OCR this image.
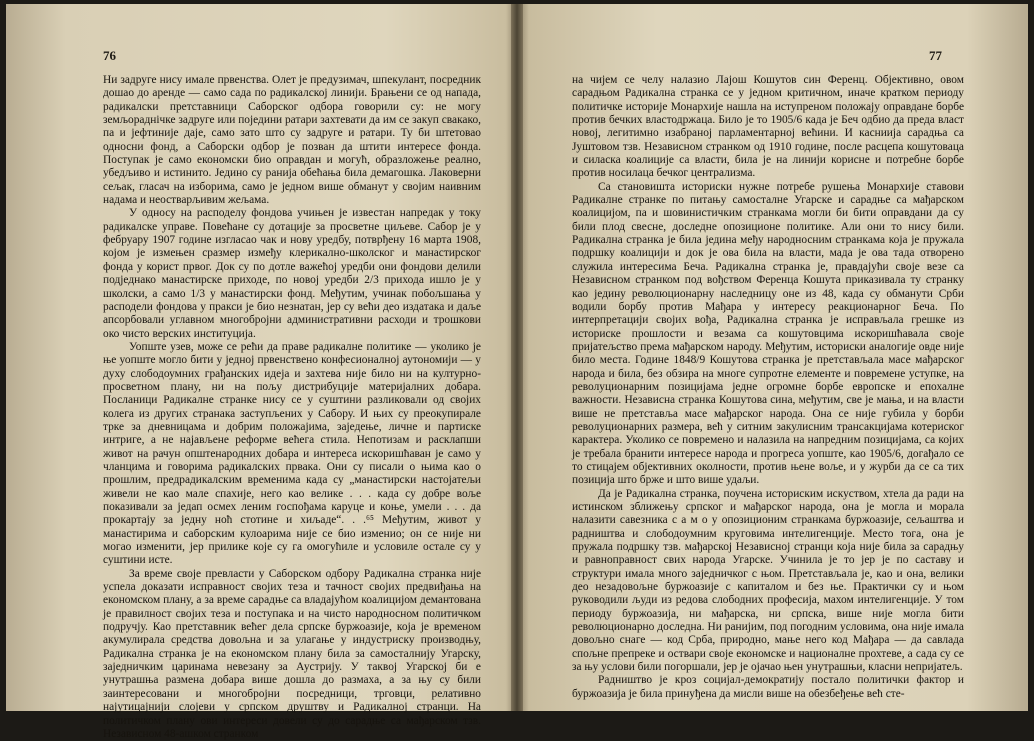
76

Ни задруге нису имале првенства. Олет је предузимач, шпекулант, посредник дошао до аренде — само сада по радикалској линији. Брањени се од напада, радикалски претставници Саборског одбора говорили су: не могу земљораднічке задруге или поједини ратари захтевати да им се закуп свакако, па и јефтиније даје, само зато што су задруге и ратари. Ту би штетовао односни фонд, а Саборски одбор је позван да штити интересе фонда. Поступак је само економски био оправдан и могућ, образложење реално, убедљиво и истинито. Једино су ранија обећања била демагошка. Лаковерни сељак, гласач на изборима, само је једном више обманут у својим наивним надама и неостварљивим жељама.

У односу на расподелу фондова учињен је известан напредак у току радикалске управе. Повећане су дотације за просветне циљеве. Сабор је у фебруару 1907 године изгласао чак и нову уредбу, потврђену 16 марта 1908, којом је измењен сразмер између клерикално-школског и манастирског фонда у корист првог. Док су по дотле важећој уредби они фондови делили подједнако манастирске приходе, по новој уредби 2/3 прихода ишло је у школски, а само 1/3 у манастирски фонд. Међутим, учинак побољшања у расподели фондова у пракси је био незнатан, јер су већи део издатака и даље апсорбовали углавном многобројни административни расходи и трошкови око чисто верских институција.

Уопште узев, може се рећи да праве радикалне политике — уколико је ње уопште могло бити у једној првенствено конфесионалној аутономији — у духу слободоумних грађанских идеја и захтева није било ни на културно-просветном плану, ни на пољу дистрибуције материјалних добара. Посланици Радикалне странке нису се у суштини разликовали од својих колега из других странака заступљених у Сабору. И њих су преокупирале трке за дневницама и добрим положајима, заједење, личне и партиске интриге, а не најављене реформе већега стила. Непотизам и расклапши живот на рачун општенародних добара и интереса искоришћаван је само у чланцима и говорима радикалских првака. Они су писали о њима као о прошлим, предрадикалским временима када су „манастирски настојатељи живели не као мале спахије, него као велике . . . када су добре воље показивали за једап осмех леним госпођама каруце и коње, умели . . . да прокартају за једну ноћ стотине и хиљаде“. . .⁶⁵ Међутим, живот у манастирима и саборским кулоарима није се био изменио; он се није ни могао изменити, јер прилике које су га омогућиле и условиле остале су у суштини исте.

За време своје превласти у Саборском одбору Радикална странка није успела доказати исправност својих теза и тачност својих предвиђања на економском плану, а за време сарадње са владајућом коалицијом демантована је правилност својих теза и поступака и на чисто народносном политичком подручју. Као претставник већег дела српске буржоазије, која је временом акумулирала средства довољна и за улагање у индустриску производњу, Радикална странка је на економском плану била за самосталнију Угарску, заједничким царинама невезану за Аустрију. У таквој Угарској би е унутрашња размена добара више дошла до размаха, а за њу су били заинтересовани и многобројни посредници, трговци, релативно најутицајнији слојеви у српском друштву и Радикалној странци. На политичком плану ови интереси довели су до сарадње са мађарском тзв. Независном 48-ашком странком

77

на чијем се челу налазио Лајош Кошутов син Ференц. Објективно, овом сарадњом Радикална странка се у једном критичном, иначе кратком периоду политичке историје Монархије нашла на иступреном положају оправдане борбе против бечких властодржаца. Било је то 1905/6 када је Беч одбио да преда власт новој, легитимно изабраној парламентарној већини. И касниија сарадња са Јуштовом тзв. Независном странком од 1910 године, после расцепа кошутоваца и силаска коалиције са власти, била је на линији корисне и потребне борбе против носилаца бечког централизма.

Са становишта историски нужне потребе рушења Монархије ставови Радикалне странке по питању самосталне Угарске и сарадње са мађарском коалицијом, па и шовинистичким странкама могли би бити оправдани да су били плод свесне, доследне опозиционе политике. Али они то нису били. Радикална странка је била једина међу народносним странкама која је пружала подршку коалицији и док је ова била на власти, мада је ова тада отворено служила интересима Беча. Радикална странка је, правдајући своје везе са Независном странком под вођством Ференца Кошута приказивала ту странку као једину революционарну наследницу оне из 48, када су обманути Срби водили борбу против Мађара у интересу реакционарног Беча. По интерпретацији својих вођа, Радикална странка је исправљала грешке из историске прошлости и везама са кошутовцима искоришћавала своје пријатељство према мађарском народу. Међутим, историски аналогије овде није било места. Године 1848/9 Кошутова странка је претстављала масе мађарског народа и била, без обзира на многе супротне елементе и повремене уступке, на револуционарним позицијама једне огромне борбе европске и епохалне важности. Независна странка Кошутова сина, међутим, све је мања, и на власти више не претставља масе мађарског народа. Она се није губила у борби револуционарних размера, већ у ситним закулисним трансакцијама котериског карактера. Уколико се повремено и налазила на напредним позицијама, са којих је требала бранити интересе народа и прогреса уопште, као 1905/6, догађало се то стицајем објективних околности, против њене воље, и у журби да се са тих позиција што брже и што више удаљи.

Да је Радикална странка, поучена историским искуством, хтела да ради на истинском зближењу српског и мађарског народа, она је могла и морала налазити савезника с а м о у опозиционим странкама буржоазије, сељаштва и радништва и слободоумним круговима интелигенције. Место тога, она је пружала подршку тзв. мађарској Независној странци која није била за сарадњу и равноправност свих народа Угарске. Учинила је то јер је по саставу и структури имала много заједничког с њом. Претстављала је, као и она, велики део незадовољне буржоазије с капиталом и без ње. Практички су и њом руководили људи из редова слободних професија, махом интелигенције. У том периоду буржоазија, ни мађарска, ни српска, више није могла бити революционарно доследна. Ни ранијим, под погодним условима, она није имала довољно снаге — код Срба, природно, мање него код Мађара — да савлада спољне препреке и оствари своје економске и националне прохтеве, а сада су се за њу услови били погоршали, јер је ојачао њен унутрашњи, класни непријатељ.

Радништво је кроз социјал-демократију постало политички фактор и буржоазија је била принуђена да мисли више на обезбеђење већ сте-
